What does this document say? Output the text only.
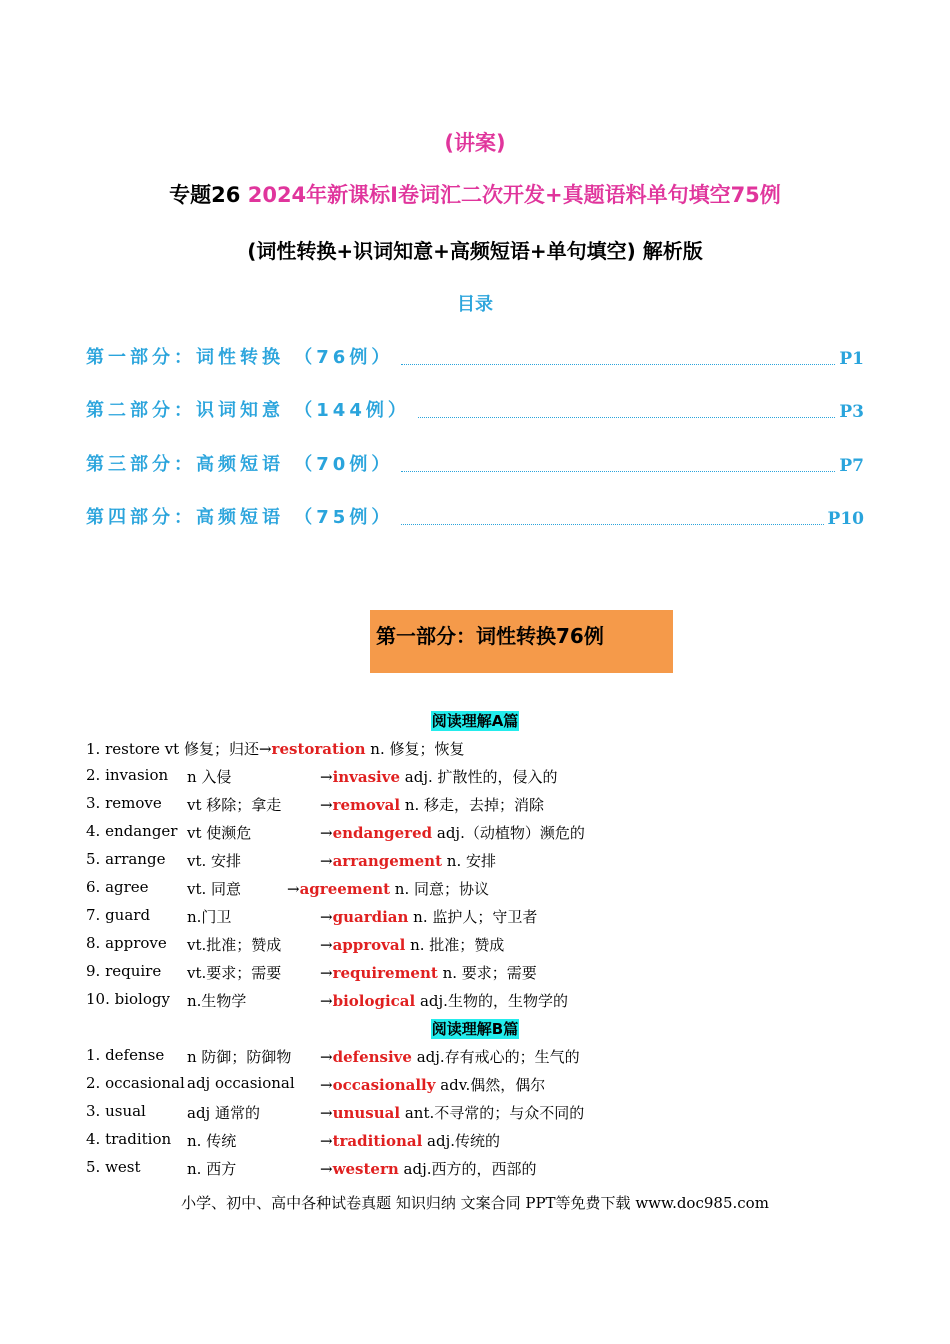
(讲案)
专题26 2024年新课标I卷词汇二次开发+真题语料单句填空75例
(词性转换+识词知意+高频短语+单句填空) 解析版
目录
第一部分：词性转换 （76例）	P1
第二部分：识词知意 （144例）	P3
第三部分：高频短语 （70例）	P7
第四部分：高频短语 （75例）	P10
第一部分：词性转换76例
阅读理解A篇
1. restore vt 修复；归还→restoration n. 修复；恢复
2. invasion n 入侵	→invasive adj. 扩散性的，侵入的
3. remove vt 移除；拿走	→removal n. 移走，去掉；消除
4. endanger vt 使濒危	→endangered adj.（动植物）濒危的
5. arrange vt. 安排	→arrangement n. 安排
6. agree	vt. 同意	→agreement n. 同意；协议
7. guard n.门卫	→guardian n. 监护人；守卫者
8. approve vt.批准；赞成	→approval n. 批准；赞成
9. require vt.要求；需要	→requirement n. 要求；需要
10. biology n.生物学	→biological adj.生物的，生物学的
阅读理解B篇
1. defense n 防御；防御物 →defensive adj.存有戒心的；生气的
2. occasional adj occasional →occasionally adv.偶然，偶尔
3. usual	adj 通常的	→unusual ant.不寻常的；与众不同的
4. tradition n. 传统	→traditional adj.传统的
5. west	n. 西方	→western adj.西方的，西部的
小学、初中、高中各种试卷真题 知识归纳 文案合同 PPT等免费下载 www.doc985.com
